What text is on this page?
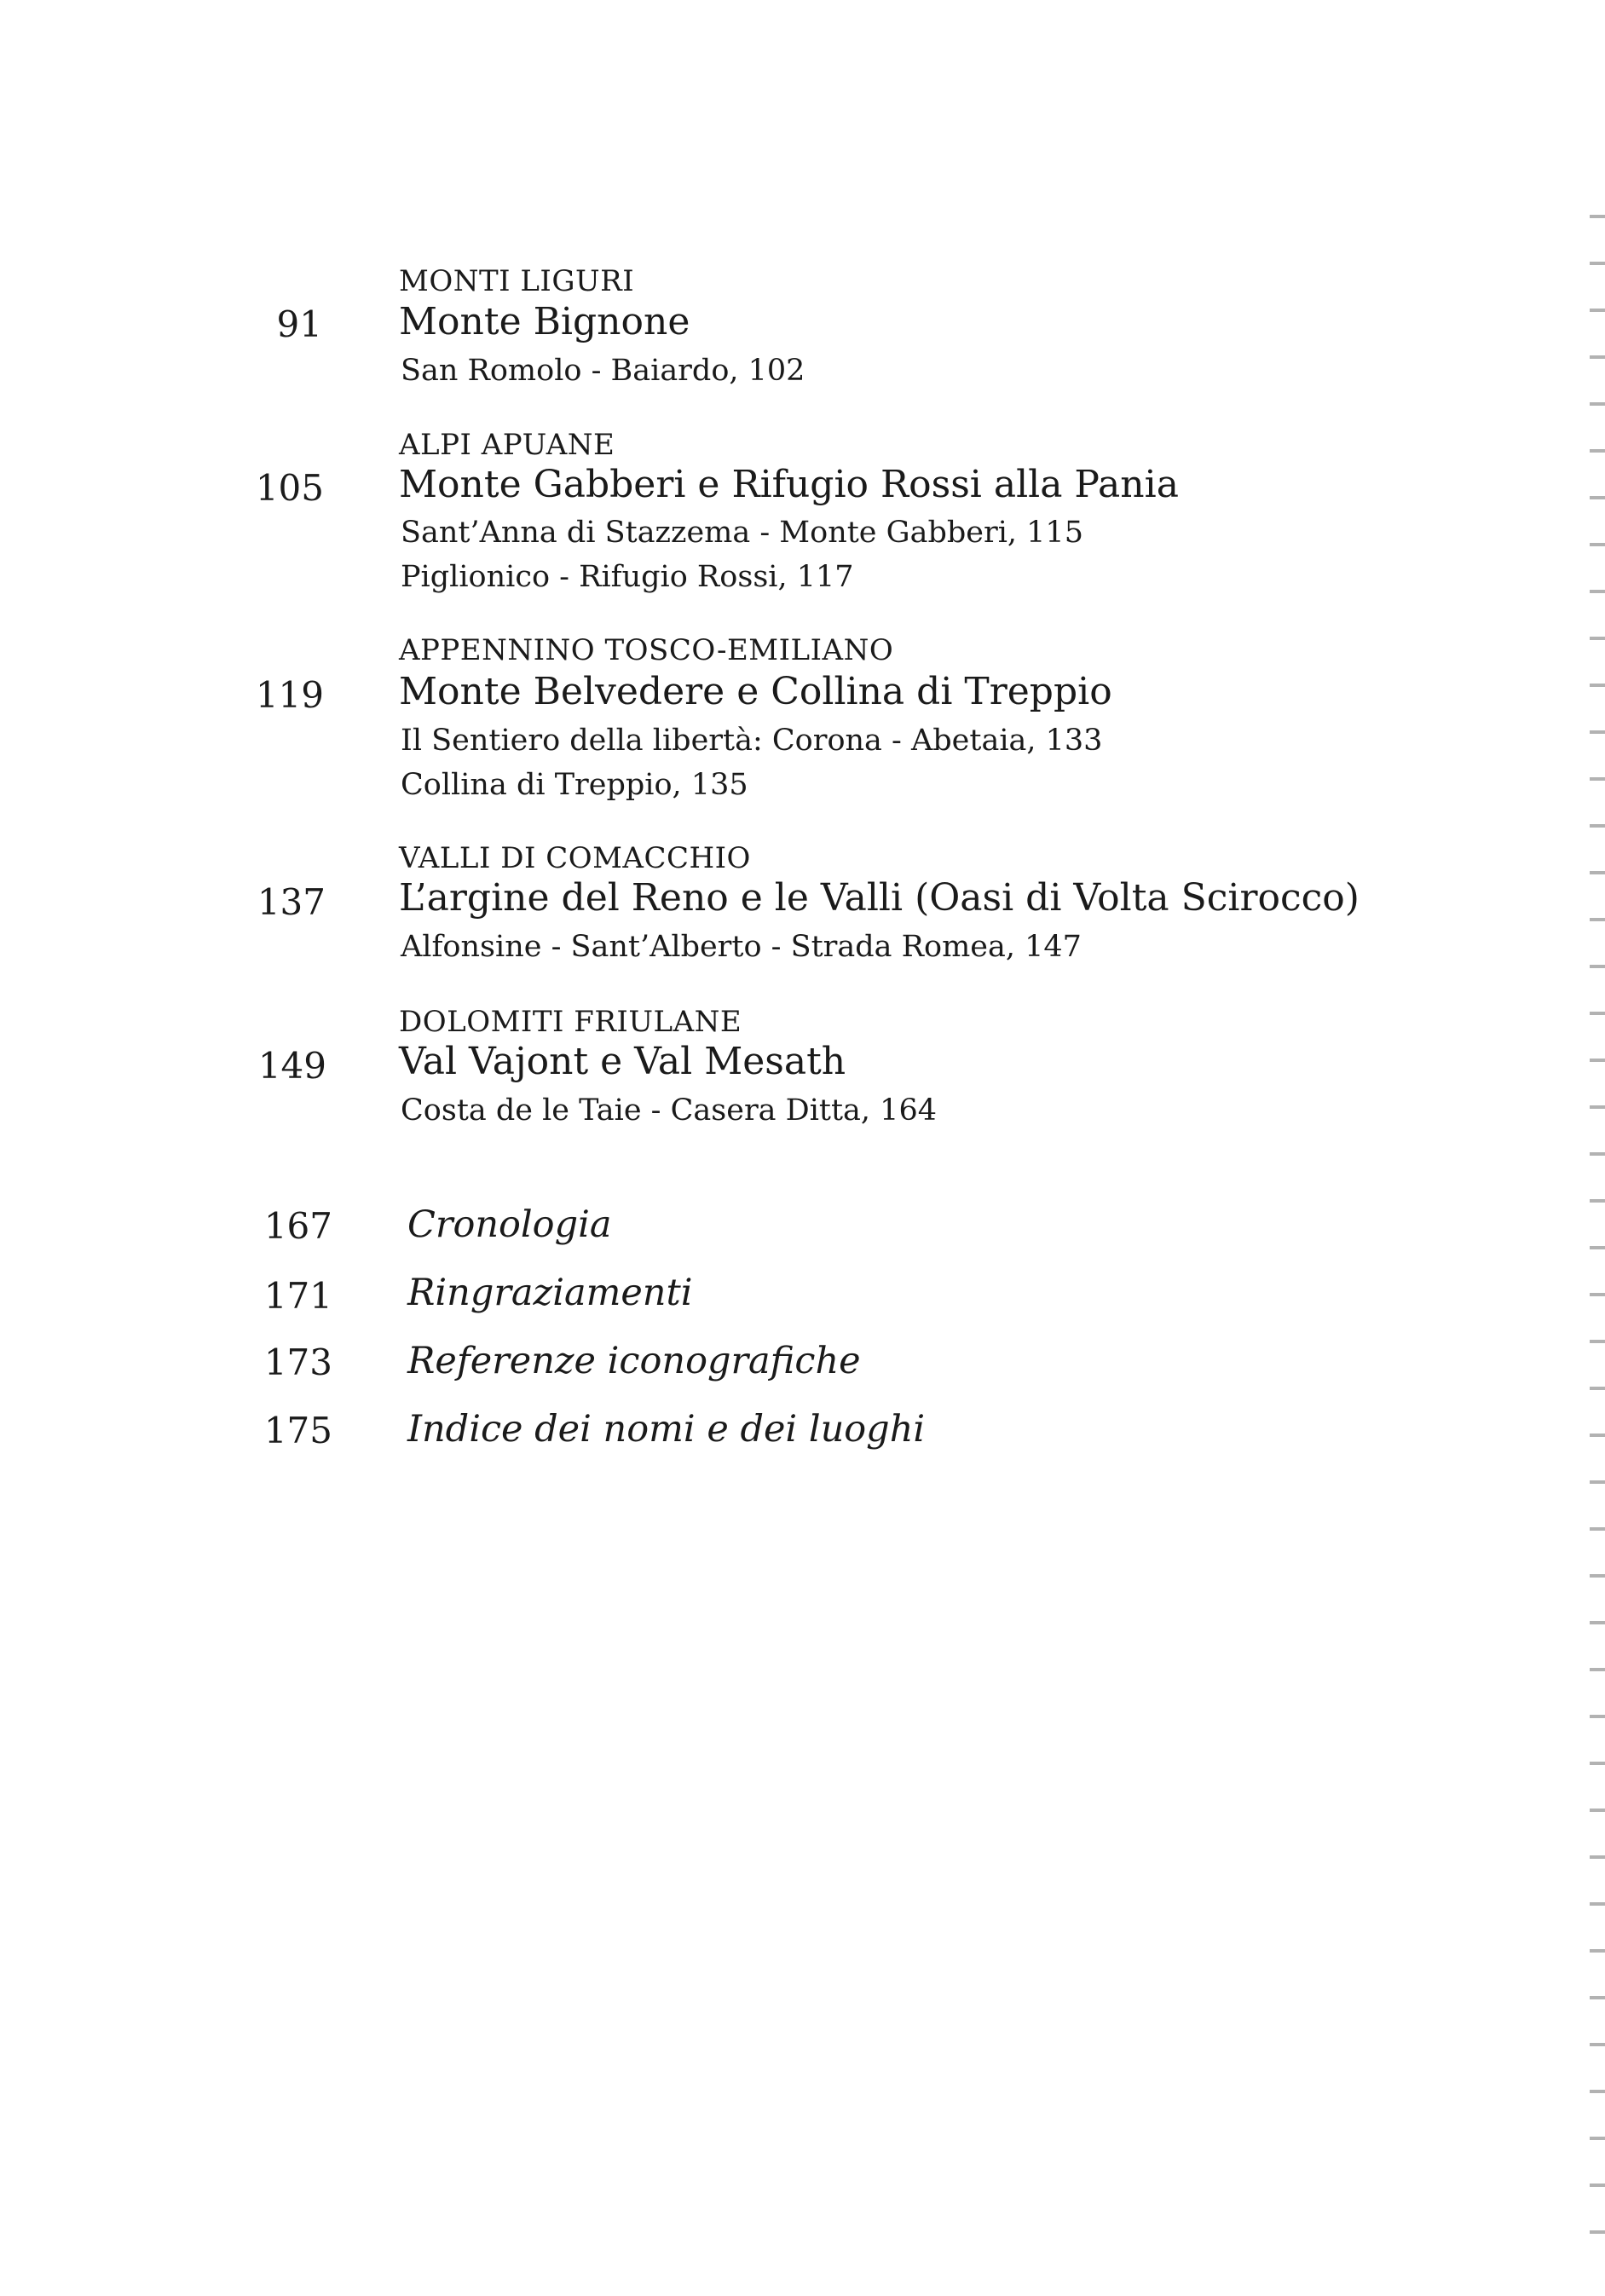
MONTI LIGURI
91 Monte Bignone
San Romolo - Baiardo, 102
ALPI APUANE
105 Monte Gabberi e Rifugio Rossi alla Pania
Sant’Anna di Stazzema - Monte Gabberi, 115
Piglionico - Rifugio Rossi, 117
APPENNINO TOSCO-EMILIANO
119 Monte Belvedere e Collina di Treppio
Il Sentiero della libertà: Corona - Abetaia, 133
Collina di Treppio, 135
VALLI DI COMACCHIO
137 L’argine del Reno e le Valli (Oasi di Volta Scirocco)
Alfonsine - Sant’Alberto - Strada Romea, 147
DOLOMITI FRIULANE
149 Val Vajont e Val Mesath
Costa de le Taie - Casera Ditta, 164
167 Cronologia
171 Ringraziamenti
173 Referenze iconografiche
175 Indice dei nomi e dei luoghi
